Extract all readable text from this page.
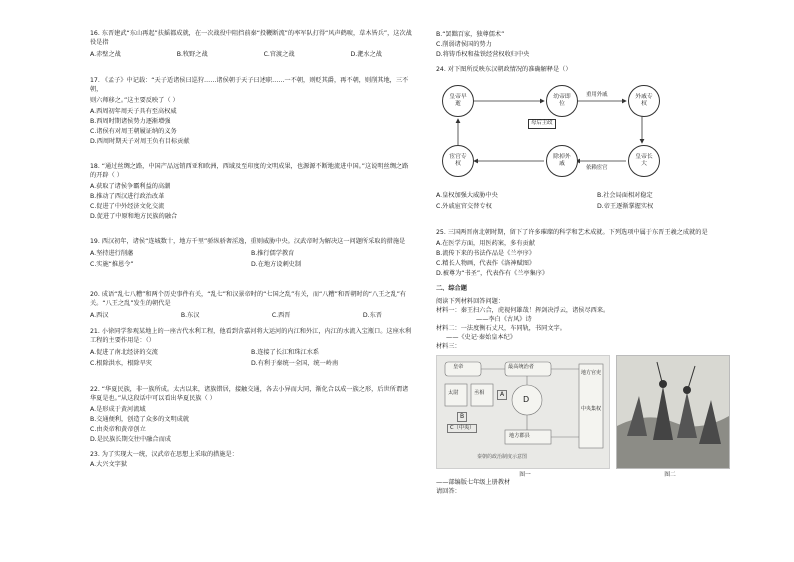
16. 东晋建武“东山再起”扶摇都成就，在一次战役中阻挡前秦“投鞭断流”的率军队打得“风声鹤唳，草木皆兵”，这次战役是指
A.赤壁之战	B.牧野之战	C.官渡之战	D.淝水之战
17. 《孟子》中记载：“天子适诸侯曰巡狩……诸侯朝于天子曰述职……一不朝，则贬其爵，再不朝，则削其地，三不朝，
则六师移之。”这主要反映了（ ）
A.西周初年周天子具有至高权威
B.西周时期诸侯势力逐渐增强
C.诸侯有对周王朝履证纳的义务
D.西周时期天子对周王负有目标贡献
18. “通过丝绸之路，中国产品远销西亚和欧洲，西域及至印度的文明成果，也源源不断地流进中国。”这说明丝绸之路的开辟（ ）
A.获取了诸侯争霸利益的高潮
B.推动了西汉进行政治改革
C.促进了中外经济文化交流
D.促进了中原和地方民族的融合
19. 西汉初年，诸侯“连城数十，地方千里”骄纵骄奢淫逸，重则威胁中央。汉武帝时为解决这一问题所采取的措施是
A.坚持进行削藩	B.推行儒学教育
C.实施“推恩令”	D.在地方设刺史制
20. 成语“乱七八糟”和两个历史事件有关，“乱七”和汉景帝时的“七国之乱”有关，而“八糟”和晋朝时的“八王之乱”有关。“八王之乱”发生的朝代是
A.西汉	B.东汉	C.西晋	D.东晋
21. 小徐同学参观某地上的一座古代水利工程，他看到含嘉河将大运河的内江和外江，内江的水流入宝瓶口。这座水利工程的主要作用是：（）
A.促进了南北经济的交流	B.连接了长江和珠江水系
C.根除洪水，根除旱灾	D.有利于秦统一全国，统一岭南
22. “华夏民族，非一族所成。太古以来，诸族错居，接触交通，各去小异而大同，渐化合以成一族之形，后世所谓诸华夏是也。”从这段话中可以看出华夏民族（ ）
A.是形成于黄河流域
B.交通便利，创造了众多的文明成就
C.由炎帝和黄帝创立
D.是民族长期交往中融合而成
23. 为了实现大一统，汉武帝在思想上采取的措施是：
A.大兴文字狱
B.“罢黜百家，独尊儒术”
C.削弱诸侯国的势力
D.将铸币权和盐铁经营权收归中央
24. 对下图所反映东汉朝政情况的准确解释是（）
皇帝早逝
幼帝即位
外戚专权
皇帝长大
除掉外戚
宦官专权
母后主政
重用外戚
依赖宦官
A.皇权加强大威胁中央	B.社会局面相对稳定
C.外戚宦官交替专权	D.帝王逐渐掌握实权
25. 三国两晋南北朝时期，留下了许多璀璨的科学和艺术成就。下列选项中属于东晋王羲之成就的是
A.在医学方面，用医药案，多有贡献
B.流传下来的书法作品是《兰亭序》
C.精长人物画，代表作《洛神赋图》
D.被尊为“书圣”，代表作有《兰亭集序》
二、综合题
阅读下列材料回答问题：
材料一：秦王扫六合，虎视何雄哉！挥剑决浮云，诸侯尽西来。
——李白《古风》诗
材料二：一法度衡石丈尺，车同轨，书同文字。
——《史记·秦始皇本纪》
材料三：
皇帝	最高统治者
太尉	丞相	A
B
C（中央）
D
地方郡县
地方官吏
中央集权
秦朝的政治制度示意图
图一	图二
——部编版七年级上册教材
请回答：
